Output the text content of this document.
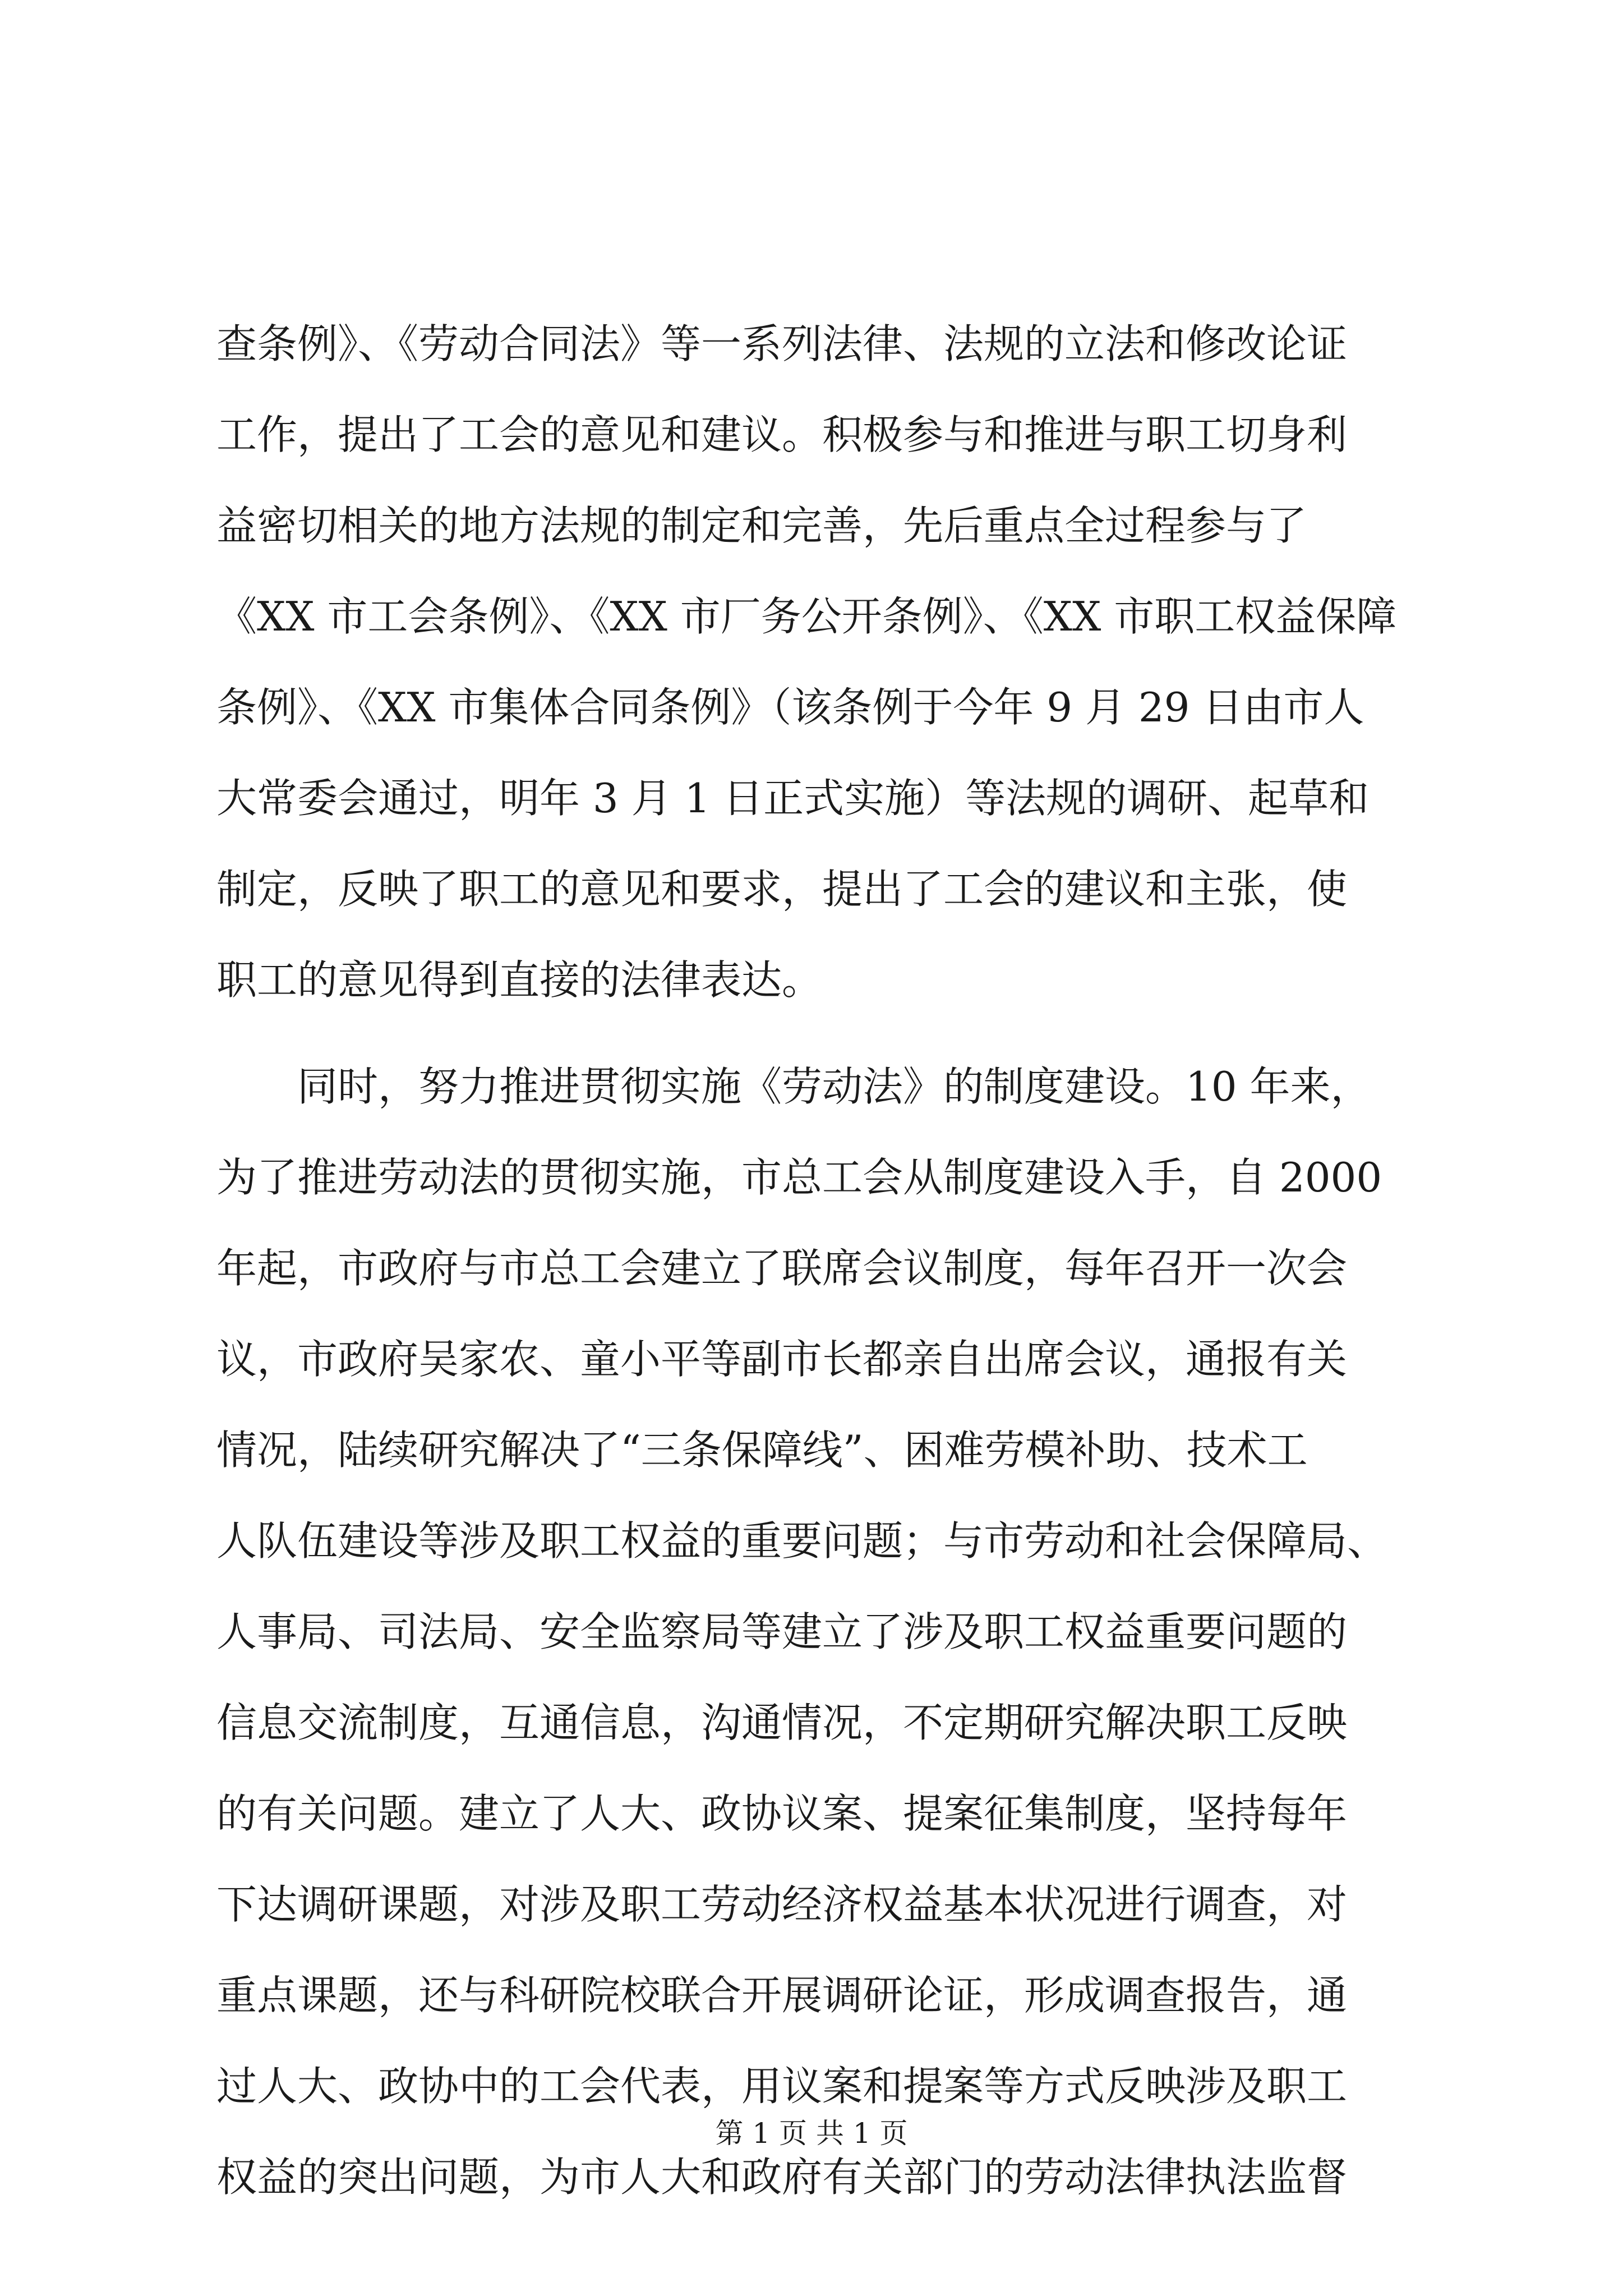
查条例》、《劳动合同法》等一系列法律、法规的立法和修改论证
工作，提出了工会的意见和建议。积极参与和推进与职工切身利
益密切相关的地方法规的制定和完善，先后重点全过程参与了
《XX 市工会条例》、《XX 市厂务公开条例》、《XX 市职工权益保障
条例》、《XX 市集体合同条例》（该条例于今年 9 月 29 日由市人
大常委会通过，明年 3 月 1 日正式实施）等法规的调研、起草和
制定，反映了职工的意见和要求，提出了工会的建议和主张，使
职工的意见得到直接的法律表达。
　　同时，努力推进贯彻实施《劳动法》的制度建设。10 年来，
为了推进劳动法的贯彻实施，市总工会从制度建设入手，自 2000
年起，市政府与市总工会建立了联席会议制度，每年召开一次会
议，市政府吴家农、童小平等副市长都亲自出席会议，通报有关
情况，陆续研究解决了“三条保障线”、困难劳模补助、技术工
人队伍建设等涉及职工权益的重要问题；与市劳动和社会保障局、
人事局、司法局、安全监察局等建立了涉及职工权益重要问题的
信息交流制度，互通信息，沟通情况，不定期研究解决职工反映
的有关问题。建立了人大、政协议案、提案征集制度，坚持每年
下达调研课题，对涉及职工劳动经济权益基本状况进行调查，对
重点课题，还与科研院校联合开展调研论证，形成调查报告，通
过人大、政协中的工会代表，用议案和提案等方式反映涉及职工
权益的突出问题，为市人大和政府有关部门的劳动法律执法监督
第 1 页 共 1 页
